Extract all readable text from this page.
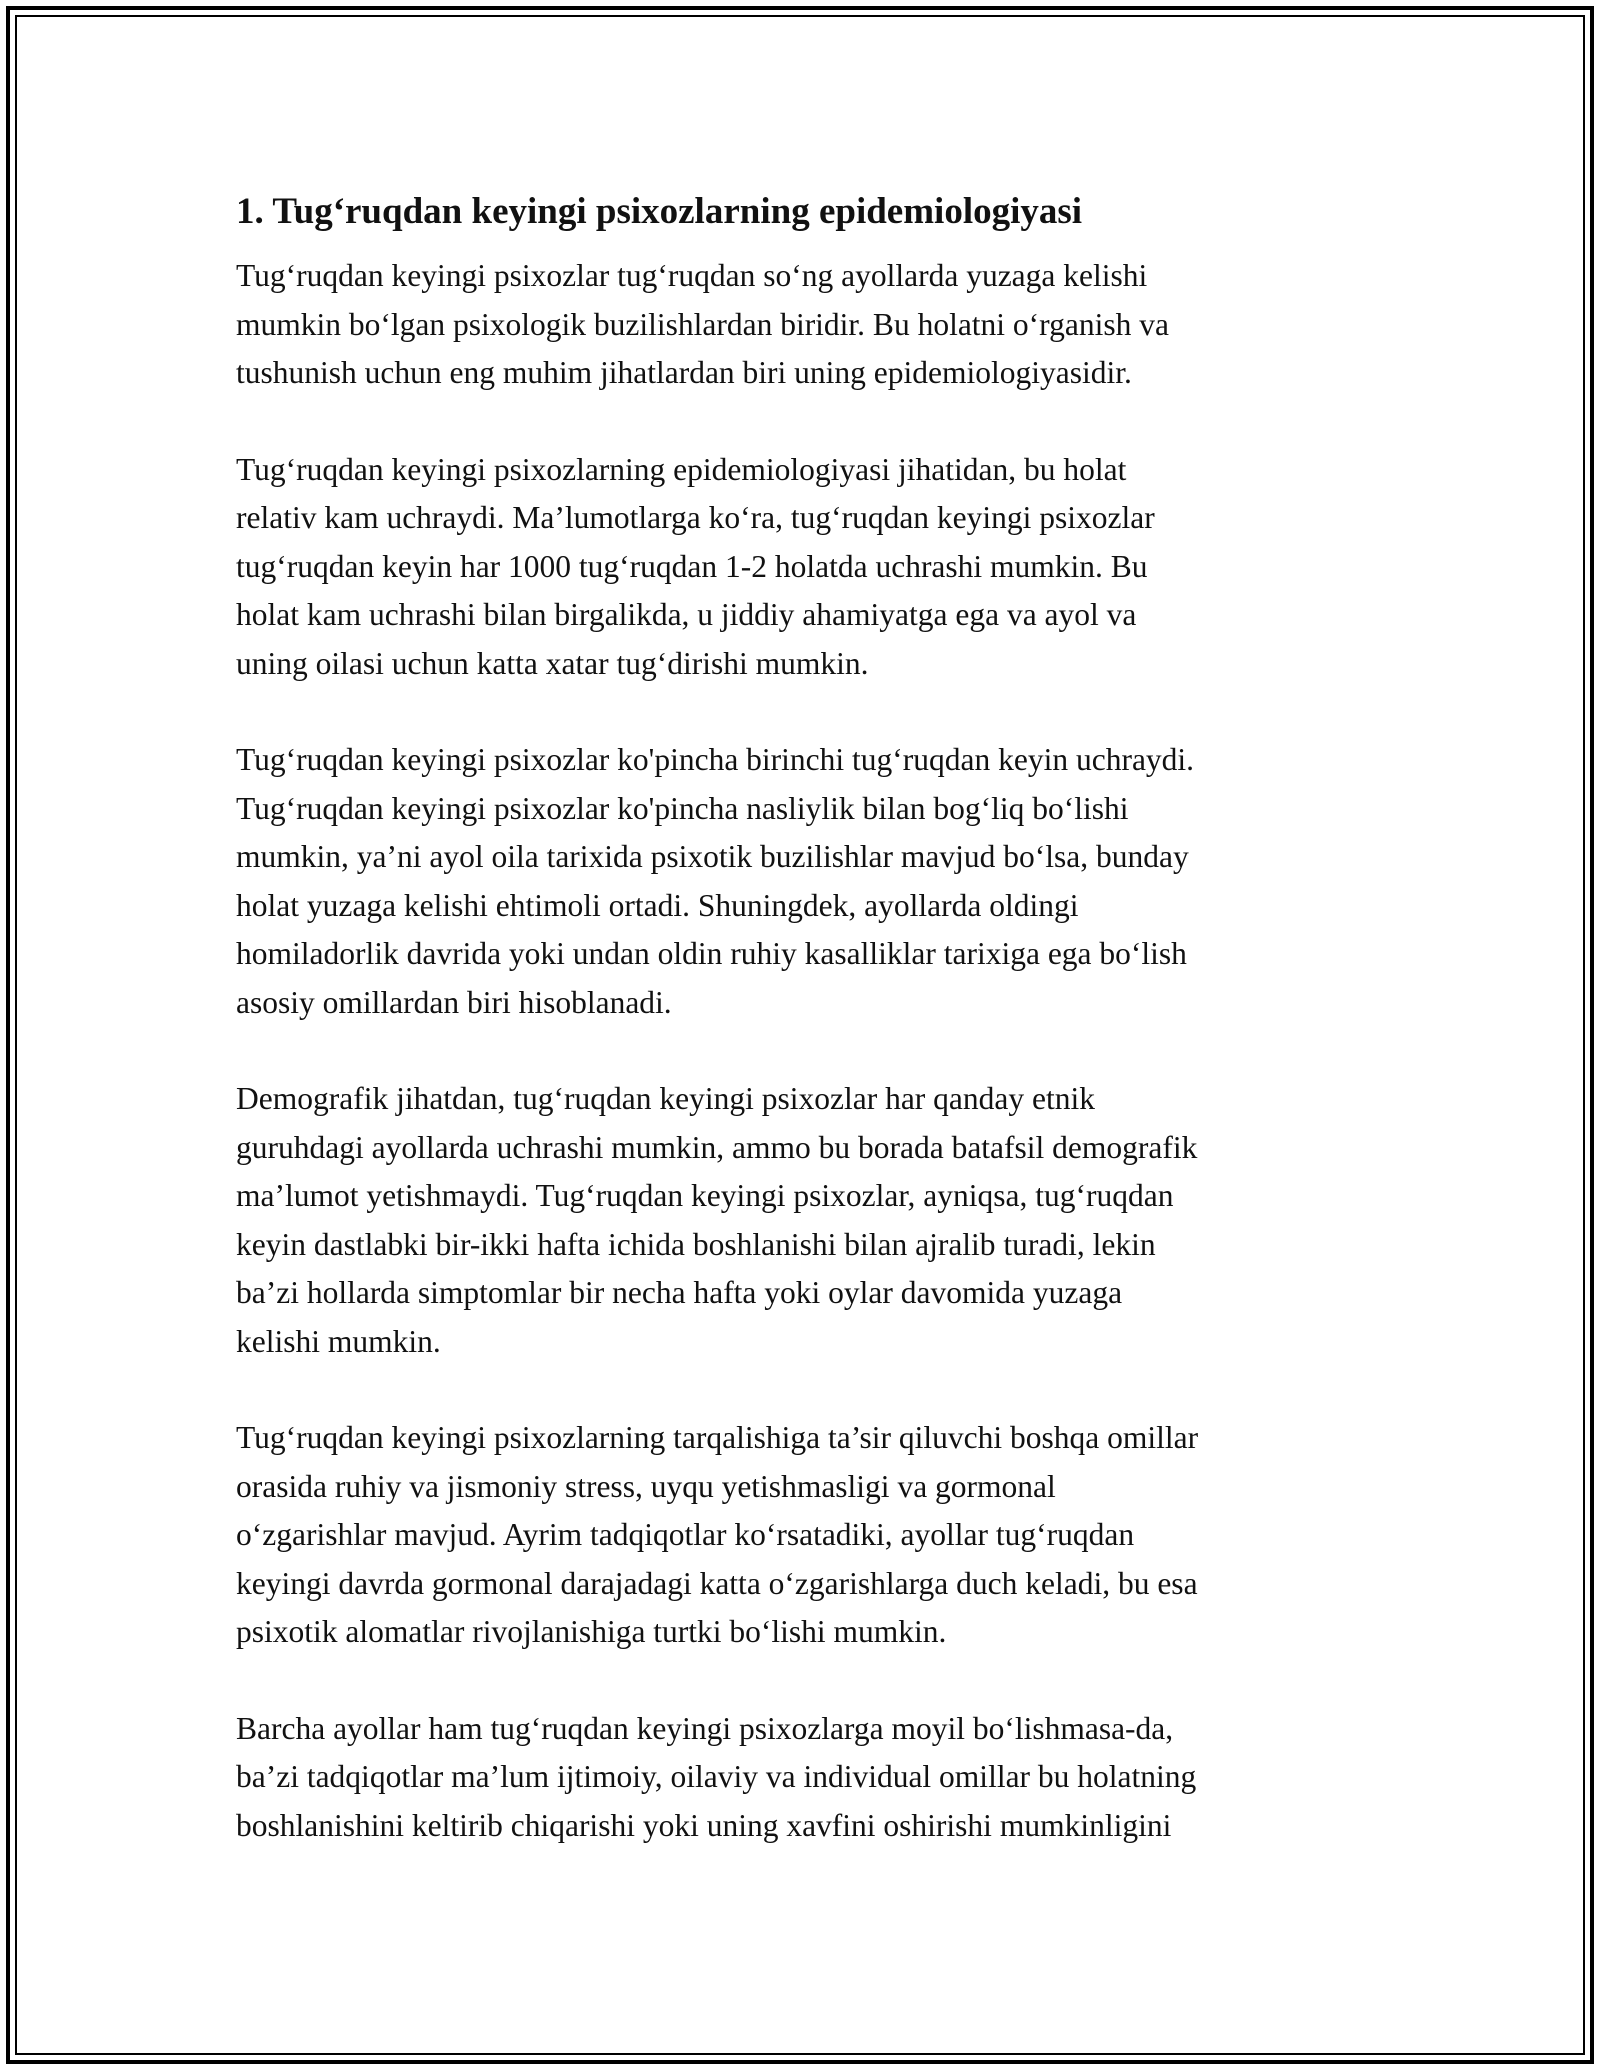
1. Tug‘ruqdan keyingi psixozlarning epidemiologiyasi

Tug‘ruqdan keyingi psixozlar tug‘ruqdan so‘ng ayollarda yuzaga kelishi
mumkin bo‘lgan psixologik buzilishlardan biridir. Bu holatni o‘rganish va
tushunish uchun eng muhim jihatlardan biri uning epidemiologiyasidir.

Tug‘ruqdan keyingi psixozlarning epidemiologiyasi jihatidan, bu holat
relativ kam uchraydi. Ma’lumotlarga ko‘ra, tug‘ruqdan keyingi psixozlar
tug‘ruqdan keyin har 1000 tug‘ruqdan 1-2 holatda uchrashi mumkin. Bu
holat kam uchrashi bilan birgalikda, u jiddiy ahamiyatga ega va ayol va
uning oilasi uchun katta xatar tug‘dirishi mumkin.

Tug‘ruqdan keyingi psixozlar ko'pincha birinchi tug‘ruqdan keyin uchraydi.
Tug‘ruqdan keyingi psixozlar ko'pincha nasliylik bilan bog‘liq bo‘lishi
mumkin, ya’ni ayol oila tarixida psixotik buzilishlar mavjud bo‘lsa, bunday
holat yuzaga kelishi ehtimoli ortadi. Shuningdek, ayollarda oldingi
homiladorlik davrida yoki undan oldin ruhiy kasalliklar tarixiga ega bo‘lish
asosiy omillardan biri hisoblanadi.

Demografik jihatdan, tug‘ruqdan keyingi psixozlar har qanday etnik
guruhdagi ayollarda uchrashi mumkin, ammo bu borada batafsil demografik
ma’lumot yetishmaydi. Tug‘ruqdan keyingi psixozlar, ayniqsa, tug‘ruqdan
keyin dastlabki bir-ikki hafta ichida boshlanishi bilan ajralib turadi, lekin
ba’zi hollarda simptomlar bir necha hafta yoki oylar davomida yuzaga
kelishi mumkin.

Tug‘ruqdan keyingi psixozlarning tarqalishiga ta’sir qiluvchi boshqa omillar
orasida ruhiy va jismoniy stress, uyqu yetishmasligi va gormonal
o‘zgarishlar mavjud. Ayrim tadqiqotlar ko‘rsatadiki, ayollar tug‘ruqdan
keyingi davrda gormonal darajadagi katta o‘zgarishlarga duch keladi, bu esa
psixotik alomatlar rivojlanishiga turtki bo‘lishi mumkin.

Barcha ayollar ham tug‘ruqdan keyingi psixozlarga moyil bo‘lishmasa-da,
ba’zi tadqiqotlar ma’lum ijtimoiy, oilaviy va individual omillar bu holatning
boshlanishini keltirib chiqarishi yoki uning xavfini oshirishi mumkinligini
